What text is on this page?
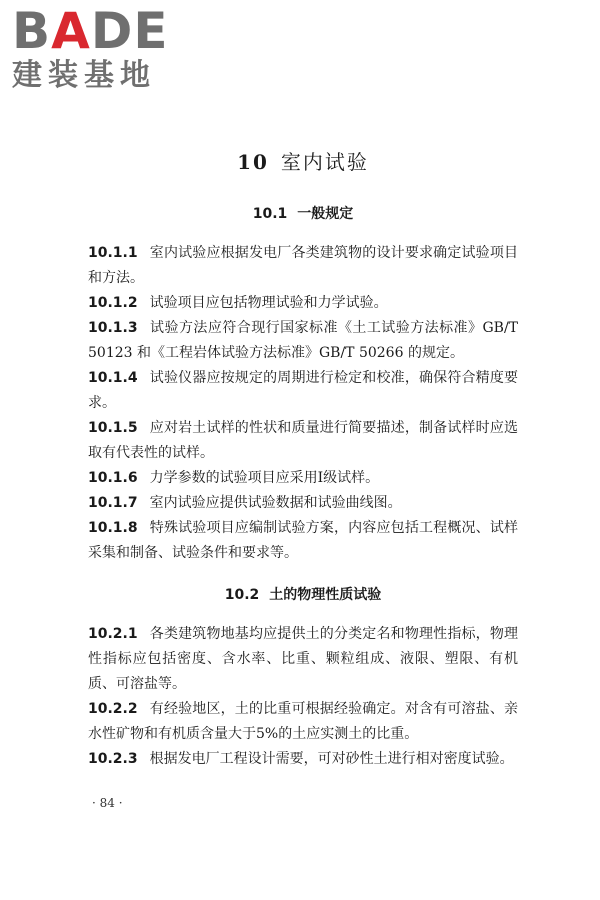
BADE
建装基地
10 室内试验
10.1 一般规定

10.1.1 室内试验应根据发电厂各类建筑物的设计要求确定试验项目和方法。

10.1.2 试验项目应包括物理试验和力学试验。

10.1.3 试验方法应符合现行国家标准《土工试验方法标准》GB/T 50123 和《工程岩体试验方法标准》GB/T 50266 的规定。

10.1.4 试验仪器应按规定的周期进行检定和校准，确保符合精度要求。

10.1.5 应对岩土试样的性状和质量进行简要描述，制备试样时应选取有代表性的试样。

10.1.6 力学参数的试验项目应采用Ⅰ级试样。

10.1.7 室内试验应提供试验数据和试验曲线图。

10.1.8 特殊试验项目应编制试验方案，内容应包括工程概况、试样采集和制备、试验条件和要求等。

10.2 土的物理性质试验

10.2.1 各类建筑物地基均应提供土的分类定名和物理性指标，物理性指标应包括密度、含水率、比重、颗粒组成、液限、塑限、有机质、可溶盐等。

10.2.2 有经验地区，土的比重可根据经验确定。对含有可溶盐、亲水性矿物和有机质含量大于5%的土应实测土的比重。

10.2.3 根据发电厂工程设计需要，可对砂性土进行相对密度试验。

· 84 ·
